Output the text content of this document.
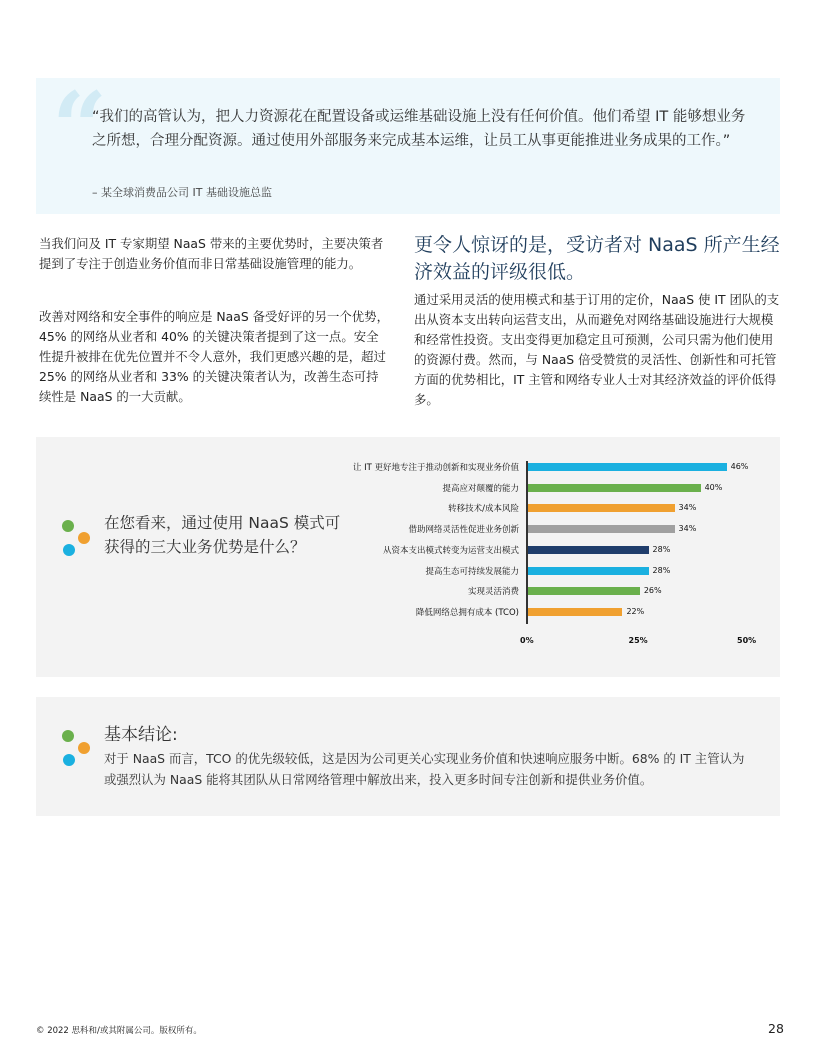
“
“我们的高管认为，把人力资源花在配置设备或运维基础设施上没有任何价值。他们希望 IT 能够想业务之所想，合理分配资源。通过使用外部服务来完成基本运维，让员工从事更能推进业务成果的工作。”
– 某全球消费品公司 IT 基础设施总监
当我们问及 IT 专家期望 NaaS 带来的主要优势时，主要决策者提到了专注于创造业务价值而非日常基础设施管理的能力。
改善对网络和安全事件的响应是 NaaS 备受好评的另一个优势，45% 的网络从业者和 40% 的关键决策者提到了这一点。安全性提升被排在优先位置并不令人意外，我们更感兴趣的是，超过 25% 的网络从业者和 33% 的关键决策者认为，改善生态可持续性是 NaaS 的一大贡献。
更令人惊讶的是，受访者对 NaaS 所产生经济效益的评级很低。
通过采用灵活的使用模式和基于订用的定价，NaaS 使 IT 团队的支出从资本支出转向运营支出，从而避免对网络基础设施进行大规模和经常性投资。支出变得更加稳定且可预测，公司只需为他们使用的资源付费。然而，与 NaaS 倍受赞赏的灵活性、创新性和可托管方面的优势相比，IT 主管和网络专业人士对其经济效益的评价低得多。
在您看来，通过使用 NaaS 模式可获得的三大业务优势是什么？
让 IT 更好地专注于推动创新和实现业务价值	46%
提高应对颠覆的能力	40%
转移技术/成本风险	34%
借助网络灵活性促进业务创新	34%
从资本支出模式转变为运营支出模式	28%
提高生态可持续发展能力	28%
实现灵活消费	26%
降低网络总拥有成本 (TCO)	22%
0%	25%	50%
基本结论:
对于 NaaS 而言，TCO 的优先级较低，这是因为公司更关心实现业务价值和快速响应服务中断。68% 的 IT 主管认为或强烈认为 NaaS 能将其团队从日常网络管理中解放出来，投入更多时间专注创新和提供业务价值。
© 2022 思科和/或其附属公司。版权所有。	28
